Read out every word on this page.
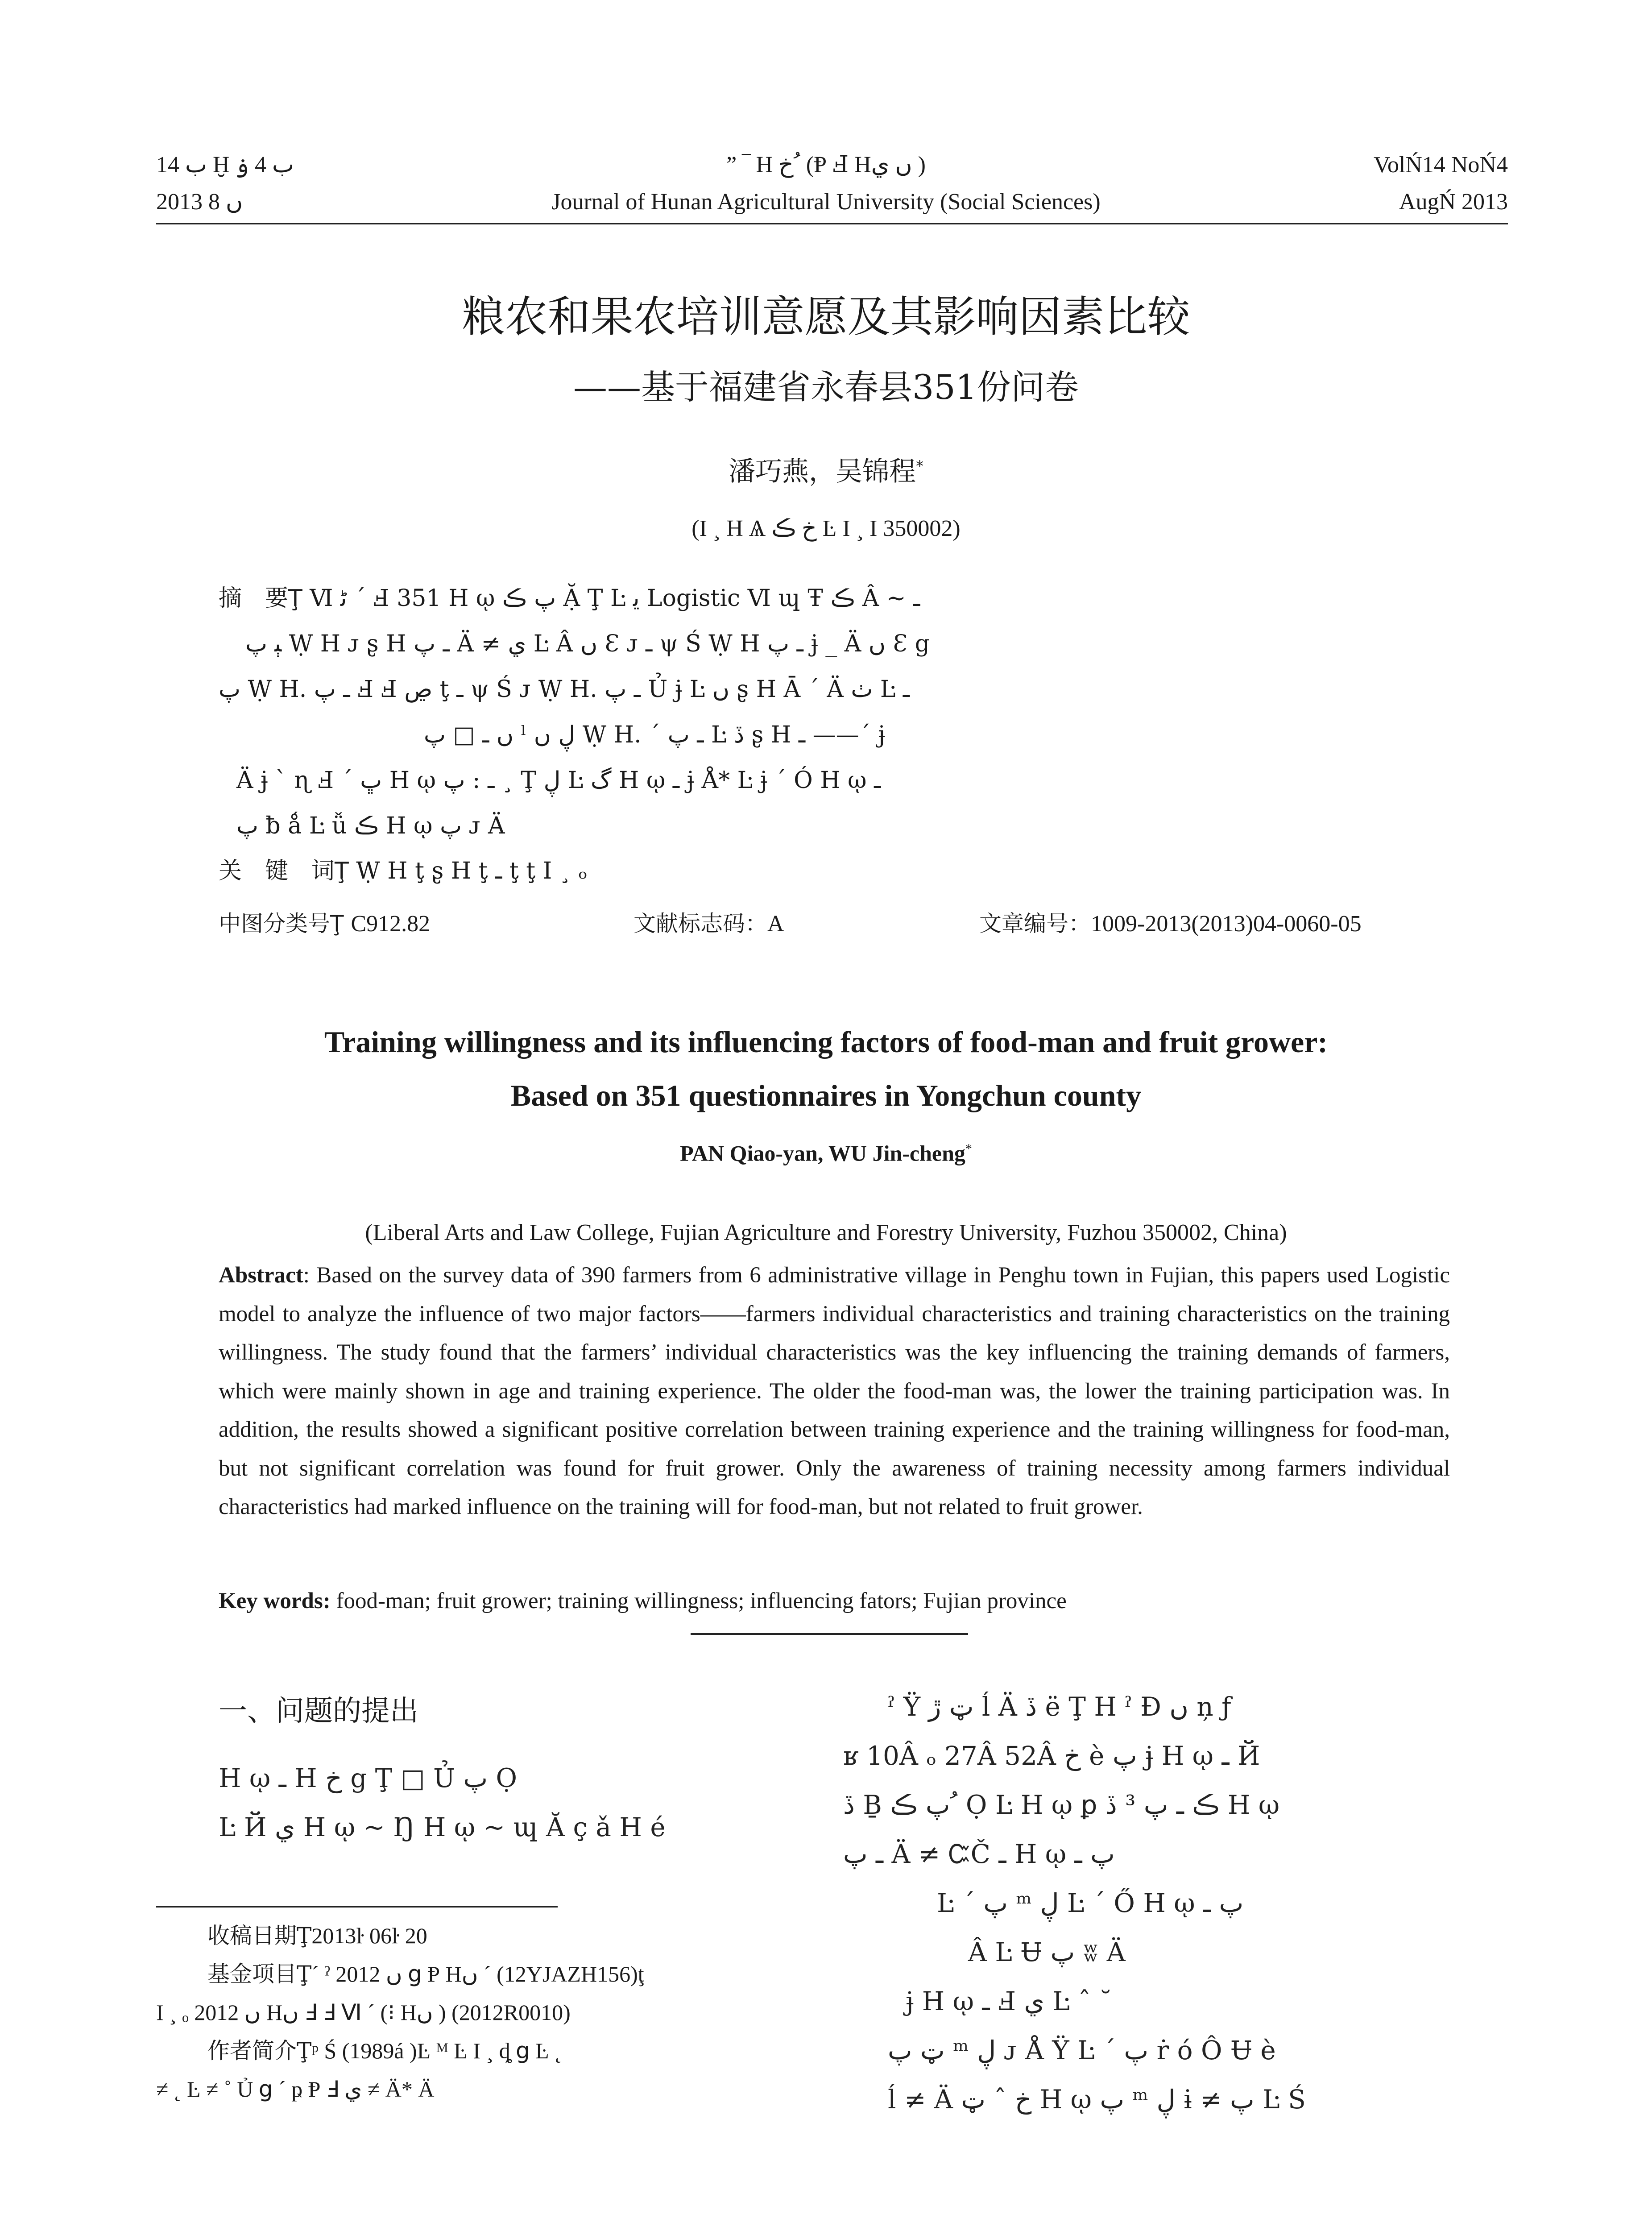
ب 14 Ḫ ب 4 ۏ
2013 ں 8
” ‾ H خ ُ (Ᵽ Ⅎ Hں ي )
Journal of Hunan Agricultural University (Social Sciences)
VolŃ14 NoŃ4
AugŃ 2013
粮农和果农培训意愿及其影响因素比较
——基于福建省永春县351份问卷
潘巧燕，吴锦程*
(Ι ¸ H Ѧ خ ڪ Ŀ Ι ¸ Ι 350002)
摘　要Ţ Ⅵ ﭨ ˊ Ⅎ 351 H ῳ پ ڪ Ặ Ţ Ŀ ﯾ Logistic Ⅵ ɰ Ŧ ڪ Â ~ ـ
ﭕ پ Ẉ H ᴊ ʂ H ـ پ Ä ≠ ي Ŀ Â ں Ɛ ᴊ ـ ψ Ś Ẉ H ـ پ ɉ _ Ä ں Ɛ ց
پ Ẉ H. ـ پ Ⅎ Ⅎ ڝ ţ ـ ψ Ś ᴊ Ẉ H. ـ پ Ủ ɉ Ŀ ں ʂ H Ā ˊ Ä ٺ Ŀ ـ
ں ـ □ پ ˡ ڸ ں Ẉ H. ˊ ـ پ Ŀ ڏ ʂ H ـ ——ˊ ɉ
Ä ɉ ˋ ɳ Ⅎ ˊ ڀ H ῳ ـ : پ ¸ Ţ ڸ Ŀ گ H ῳ ـ ɉ Å* Ŀ ɉ ˊ Ó H ῳ ـ
پ ƀ ǻ Ŀ ǚ ڪ H ῳ پ ᴊ Ä
关　键　词Ţ Ẉ H ţ ʂ H ţ ـ ţ ţ Ι ¸ ₒ
中图分类号Ţ C912.82	文献标志码：A	文章编号：1009-2013(2013)04-0060-05
Training willingness and its influencing factors of food-man and fruit grower:
Based on 351 questionnaires in Yongchun county
PAN Qiao-yan, WU Jin-cheng*
(Liberal Arts and Law College, Fujian Agriculture and Forestry University, Fuzhou 350002, China)
Abstract: Based on the survey data of 390 farmers from 6 administrative village in Penghu town in Fujian, this papers used Logistic model to analyze the influence of two major factors——farmers individual characteristics and training characteristics on the training willingness. The study found that the farmers’ individual characteristics was the key influencing the training demands of farmers, which were mainly shown in age and training experience. The older the food-man was, the lower the training participation was. In addition, the results showed a significant positive correlation between training experience and the training willingness for food-man, but not significant correlation was found for fruit grower. Only the awareness of training necessity among farmers individual characteristics had marked influence on the training will for food-man, but not related to fruit grower.
Key words: food-man; fruit grower; training willingness; influencing fators; Fujian province
一、问题的提出
H ῳ ـ H خ ց Ţ □ Ủ پ Ọ
Ŀ Й ي H ῳ ~ Ŋ H ῳ ~ ɰ Ă ç ǎ H é
收稿日期Ţ2013ŀ 06ŀ 20
基金项目Ţˊ ˀ 2012 ں ց Ᵽ Hں ˊ (12YJAZH156)ţ
Ι ¸ ₒ 2012 ں Hں Ⅎ Ⅎ Ⅵ ˊ (⁝ Hں ) (2012R0010)
作者简介Ţᵖ Ś (1989á )Ŀ ᴹ Ŀ Ι ¸ ȡ ց Ŀ ˛
≠ ˛ Ŀ ≠ ˚ Ủ ց ˊ ҏ Ᵽ Ⅎ ي ≠ Ä* Ä
ˀ Ÿ ټ ڙ ĺ Ä ڏ ë Ţ H ˀ Ɖ ں ņ ƒ
ʁ 10Â ₒ 27Â 52Â خ è پ ɉ H ῳ ـ Й
ڏ Ḇ پ ڪ ُ Ọ Ŀ H ῳ ꝑ ڪ ـ پ ³ ڏ H ῳ
ـ پ Ä ≠ ᏨČ ـ H ῳ پ ـ
Ŀ ˊ پ ᵐ ڸ Ŀ ˊ Ő H ῳ پ ـ
Â Ŀ Ʉ پ ʬ Ä
ɉ H ῳ ـ Ⅎ ي Ŀ ˆ ˘
ټ پ ᵐ ڸ ᴊ Å Ÿ Ŀ ˊ پ ṙ ó Ô Ʉ è
ĺ ≠ Ä خ ˆ ټ H ῳ پ ᵐ ڸ ɨ ≠ پ Ŀ Ś
